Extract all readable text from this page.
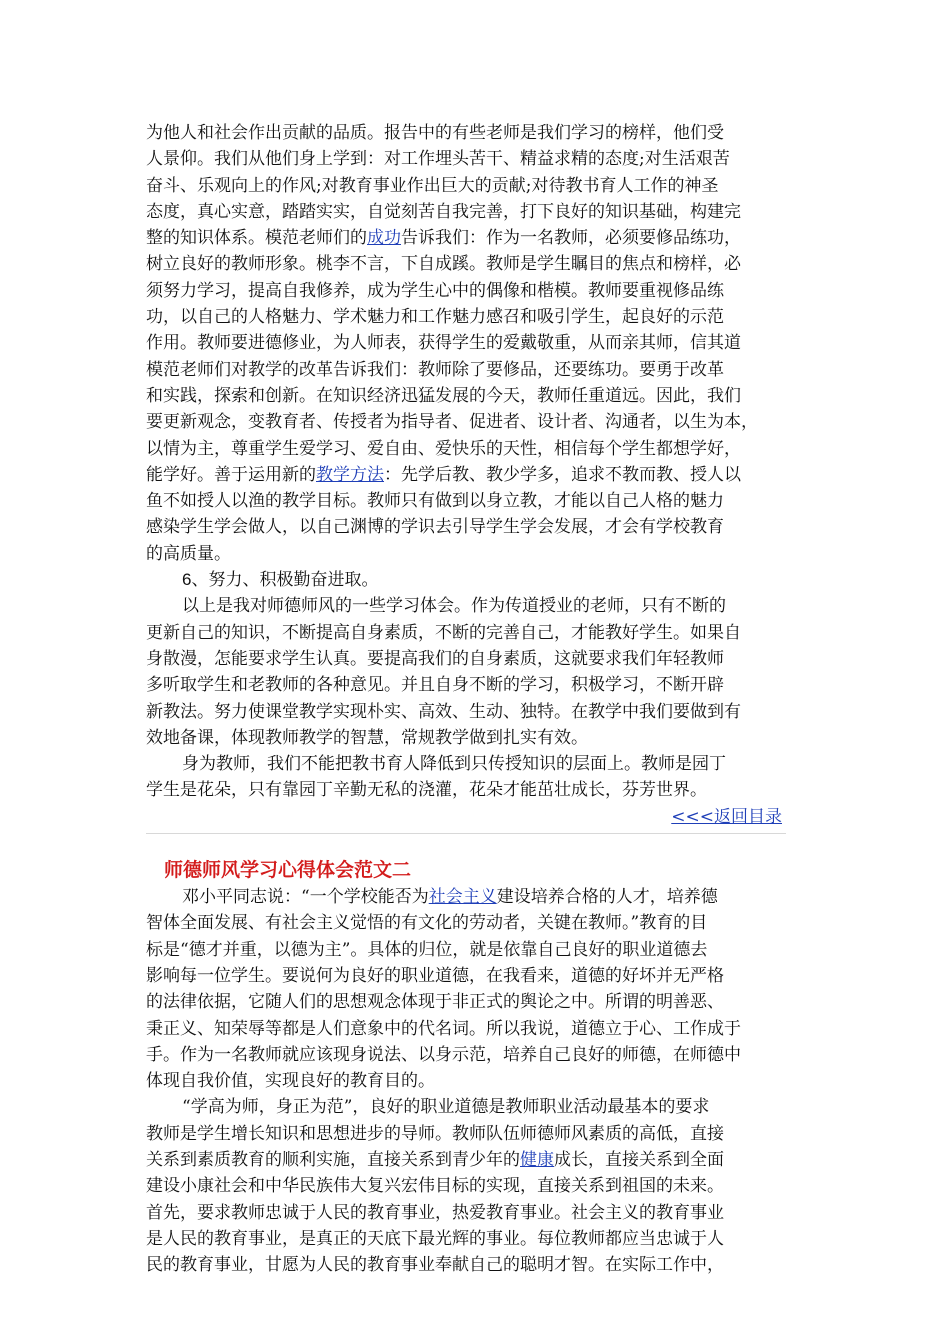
为他人和社会作出贡献的品质。报告中的有些老师是我们学习的榜样，他们受
人景仰。我们从他们身上学到：对工作埋头苦干、精益求精的态度;对生活艰苦
奋斗、乐观向上的作风;对教育事业作出巨大的贡献;对待教书育人工作的神圣
态度，真心实意，踏踏实实，自觉刻苦自我完善，打下良好的知识基础，构建完
整的知识体系。模范老师们的成功告诉我们：作为一名教师，必须要修品练功，
树立良好的教师形象。桃李不言，下自成蹊。教师是学生瞩目的焦点和榜样，必
须努力学习，提高自我修养，成为学生心中的偶像和楷模。教师要重视修品练
功，以自己的人格魅力、学术魅力和工作魅力感召和吸引学生，起良好的示范
作用。教师要进德修业，为人师表，获得学生的爱戴敬重，从而亲其师，信其道
模范老师们对教学的改革告诉我们：教师除了要修品，还要练功。要勇于改革
和实践，探索和创新。在知识经济迅猛发展的今天，教师任重道远。因此，我们
要更新观念，变教育者、传授者为指导者、促进者、设计者、沟通者，以生为本，
以情为主，尊重学生爱学习、爱自由、爱快乐的天性，相信每个学生都想学好，
能学好。善于运用新的教学方法：先学后教、教少学多，追求不教而教、授人以
鱼不如授人以渔的教学目标。教师只有做到以身立教，才能以自己人格的魅力
感染学生学会做人，以自己渊博的学识去引导学生学会发展，才会有学校教育
的高质量。
6、努力、积极勤奋进取。
以上是我对师德师风的一些学习体会。作为传道授业的老师，只有不断的
更新自己的知识，不断提高自身素质，不断的完善自己，才能教好学生。如果自
身散漫，怎能要求学生认真。要提高我们的自身素质，这就要求我们年轻教师
多听取学生和老教师的各种意见。并且自身不断的学习，积极学习，不断开辟
新教法。努力使课堂教学实现朴实、高效、生动、独特。在教学中我们要做到有
效地备课，体现教师教学的智慧，常规教学做到扎实有效。
身为教师，我们不能把教书育人降低到只传授知识的层面上。教师是园丁
学生是花朵，只有靠园丁辛勤无私的浇灌，花朵才能茁壮成长，芬芳世界。
<<<返回目录
师德师风学习心得体会范文二
邓小平同志说：“一个学校能否为社会主义建设培养合格的人才，培养德
智体全面发展、有社会主义觉悟的有文化的劳动者，关键在教师。”教育的目
标是“德才并重，以德为主”。具体的归位，就是依靠自己良好的职业道德去
影响每一位学生。要说何为良好的职业道德，在我看来，道德的好坏并无严格
的法律依据，它随人们的思想观念体现于非正式的舆论之中。所谓的明善恶、
秉正义、知荣辱等都是人们意象中的代名词。所以我说，道德立于心、工作成于
手。作为一名教师就应该现身说法、以身示范，培养自己良好的师德，在师德中
体现自我价值，实现良好的教育目的。
“学高为师，身正为范”，良好的职业道德是教师职业活动最基本的要求
教师是学生增长知识和思想进步的导师。教师队伍师德师风素质的高低，直接
关系到素质教育的顺利实施，直接关系到青少年的健康成长，直接关系到全面
建设小康社会和中华民族伟大复兴宏伟目标的实现，直接关系到祖国的未来。
首先，要求教师忠诚于人民的教育事业，热爱教育事业。社会主义的教育事业
是人民的教育事业，是真正的天底下最光辉的事业。每位教师都应当忠诚于人
民的教育事业，甘愿为人民的教育事业奉献自己的聪明才智。在实际工作中，
